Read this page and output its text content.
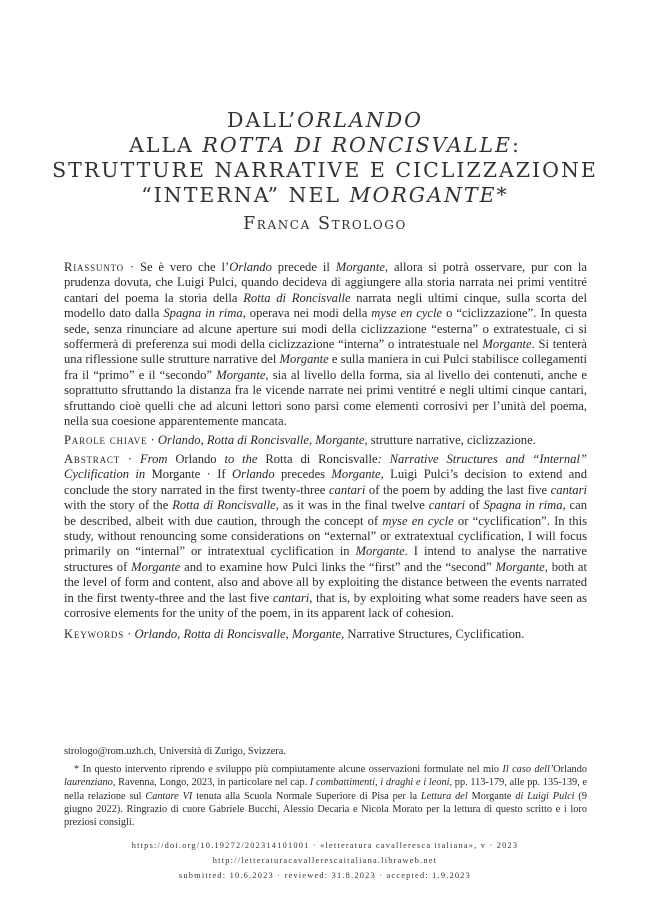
DALL’ORLANDO
ALLA ROTTA DI RONCISVALLE:
STRUTTURE NARRATIVE E CICLIZZAZIONE
“INTERNA” NEL MORGANTE*
Franca Strologo
Riassunto · Se è vero che l’Orlando precede il Morgante, allora si potrà osservare, pur con la prudenza dovuta, che Luigi Pulci, quando decideva di aggiungere alla storia narrata nei primi ventitré cantari del poema la storia della Rotta di Roncisvalle narrata negli ultimi cinque, sulla scorta del modello dato dalla Spagna in rima, operava nei modi della myse en cycle o “ciclizzazione”. In questa sede, senza rinunciare ad alcune aperture sui modi della ciclizzazione “esterna” o extratestuale, ci si soffermerà di preferenza sui modi della ciclizzazione “interna” o intratestuale nel Morgante. Si tenterà una riflessione sulle strutture narrative del Morgante e sulla maniera in cui Pulci stabilisce collegamenti fra il “primo” e il “secondo” Morgante, sia al livello della forma, sia al livello dei contenuti, anche e soprattutto sfruttando la distanza fra le vicende narrate nei primi ventitré e negli ultimi cinque cantari, sfruttando cioè quelli che ad alcuni lettori sono parsi come elementi corrosivi per l’unità del poema, nella sua coesione apparentemente mancata.
Parole chiave · Orlando, Rotta di Roncisvalle, Morgante, strutture narrative, ciclizzazione.
Abstract · From Orlando to the Rotta di Roncisvalle: Narrative Structures and “Internal” Cyclification in Morgante · If Orlando precedes Morgante, Luigi Pulci’s decision to extend and conclude the story narrated in the first twenty-three cantari of the poem by adding the last five cantari with the story of the Rotta di Roncisvalle, as it was in the final twelve cantari of Spagna in rima, can be described, albeit with due caution, through the concept of myse en cycle or “cyclification”. In this study, without renouncing some considerations on “external” or extratextual cyclification, I will focus primarily on “internal” or intratextual cyclification in Morgante. I intend to analyse the narrative structures of Morgante and to examine how Pulci links the “first” and the “second” Morgante, both at the level of form and content, also and above all by exploiting the distance between the events narrated in the first twenty-three and the last five cantari, that is, by exploiting what some readers have seen as corrosive elements for the unity of the poem, in its apparent lack of cohesion.
Keywords · Orlando, Rotta di Roncisvalle, Morgante, Narrative Structures, Cyclification.

strologo@rom.uzh.ch, Università di Zurigo, Svizzera.

* In questo intervento riprendo e sviluppo più compiutamente alcune osservazioni formulate nel mio Il caso dell’Orlando laurenziano, Ravenna, Longo, 2023, in particolare nel cap. I combattimenti, i draghi e i leoni, pp. 113-179, alle pp. 135-139, e nella relazione sul Cantare VI tenuta alla Scuola Normale Superiore di Pisa per la Lettura del Morgante di Luigi Pulci (9 giugno 2022). Ringrazio di cuore Gabriele Bucchi, Alessio Decaria e Nicola Morato per la lettura di questo scritto e i loro preziosi consigli.

https://doi.org/10.19272/202314101001 · «letteratura cavalleresca italiana», v · 2023
http://letteraturacavallerescaitaliana.libraweb.net
submitted: 10.6.2023 · reviewed: 31.8.2023 · accepted: 1.9.2023
